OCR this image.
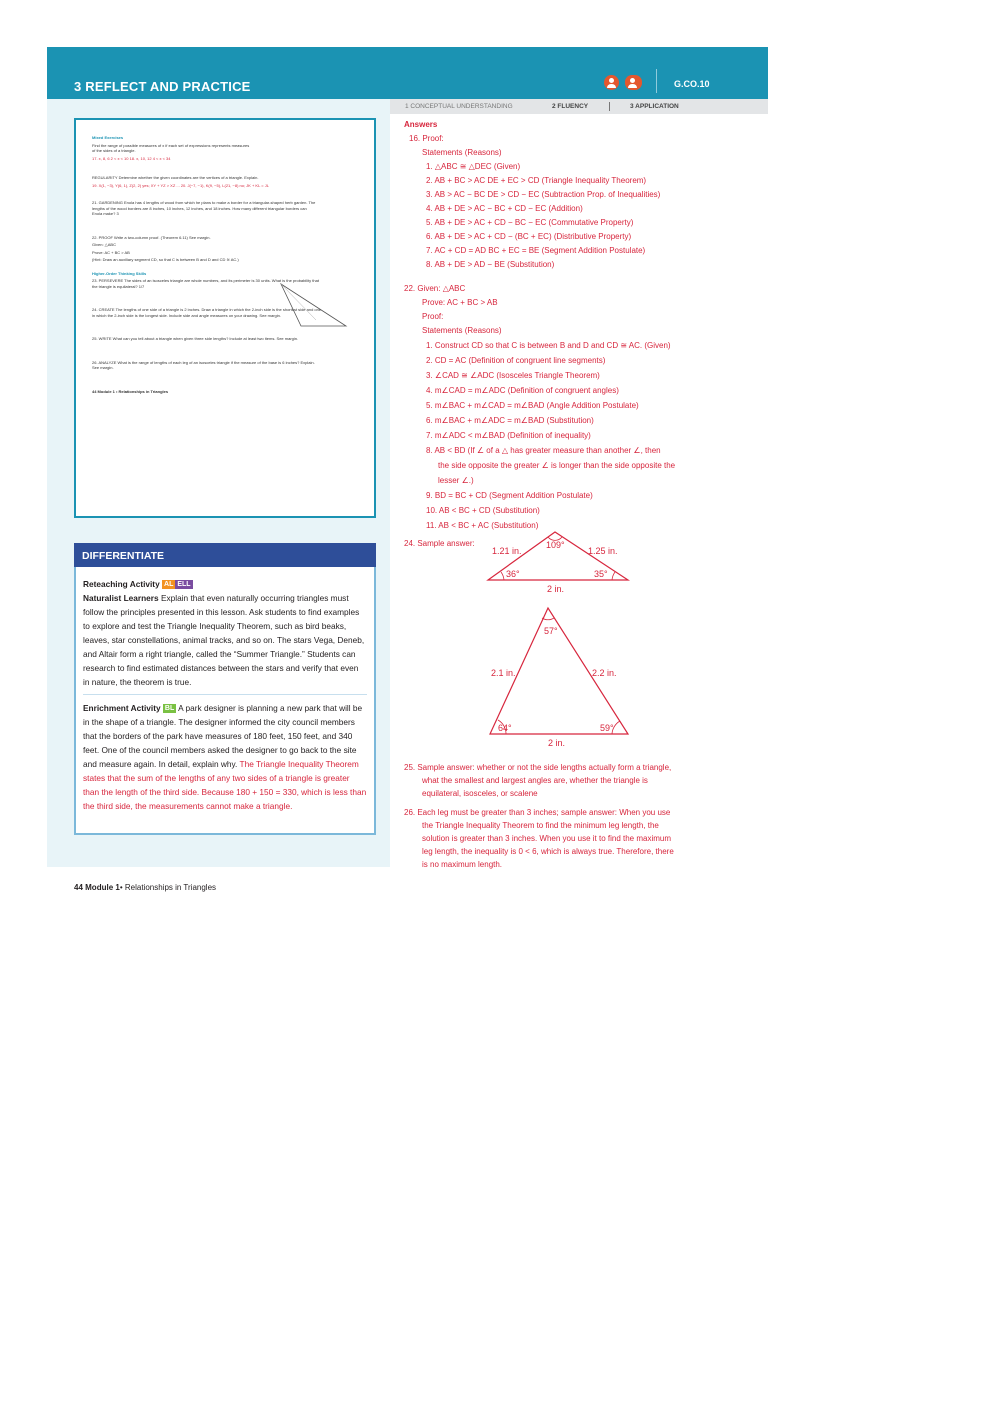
3 REFLECT AND PRACTICE	G.CO.10
1 CONCEPTUAL UNDERSTANDING	2 FLUENCY	3 APPLICATION
Mixed Exercises
Find the range of possible measures of x if each set of expressions represents measures of the sides of a triangle.
17. x, 8, 6 2 < x < 10 18. x, 10, 12 4 < x < 34
REGULARITY Determine whether the given coordinates are the vertices of a triangle. Explain.
19. X(1, −3), Y(6, 1), Z(2, 2) yes; XY + YZ > XZ ... 20. J(−7, −1), K(9, −5), L(21, −8) no; JK + KL = JL
21. GARDENING Enola has 4 lengths of wood from which he plans to make a border for a triangular-shaped herb garden. The lengths of the wood borders are 8 inches, 10 inches, 12 inches, and 18 inches. How many different triangular borders can Enola make? 3
22. PROOF Write a two-column proof. (Theorem 6.11) See margin.
Given: △ABC
Prove: AC + BC > AB
(Hint: Draw an auxiliary segment CD, so that C is between B and D and CD ≅ AC.)
Higher-Order Thinking Skills
23. PERSEVERE The sides of an isosceles triangle are whole numbers, and its perimeter is 30 units. What is the probability that the triangle is equilateral? 1/7
24. CREATE The lengths of one side of a triangle is 2 inches. Draw a triangle in which the 2-inch side is the shortest side and one in which the 2-inch side is the longest side. Include side and angle measures on your drawing. See margin.
25. WRITE What can you tell about a triangle when given three side lengths? Include at least two items. See margin.
26. ANALYZE What is the range of lengths of each leg of an isosceles triangle if the measure of the base is 6 inches? Explain. See margin.
44 Module 1 • Relationships in Triangles
DIFFERENTIATE
Reteaching Activity AL ELL
Naturalist Learners Explain that even naturally occurring triangles must follow the principles presented in this lesson. Ask students to find examples to explore and test the Triangle Inequality Theorem, such as bird beaks, leaves, star constellations, animal tracks, and so on. The stars Vega, Deneb, and Altair form a right triangle, called the “Summer Triangle.” Students can research to find estimated distances between the stars and verify that even in nature, the theorem is true.
Enrichment Activity BL A park designer is planning a new park that will be in the shape of a triangle. The designer informed the city council members that the borders of the park have measures of 180 feet, 150 feet, and 340 feet. One of the council members asked the designer to go back to the site and measure again. In detail, explain why. The Triangle Inequality Theorem states that the sum of the lengths of any two sides of a triangle is greater than the length of the third side. Because 180 + 150 = 330, which is less than the third side, the measurements cannot make a triangle.
44 Module 1• Relationships in Triangles
Answers
16. Proof:
Statements (Reasons)
1. △ABC ≅ △DEC (Given)
2. AB + BC > AC DE + EC > CD (Triangle Inequality Theorem)
3. AB > AC − BC DE > CD − EC (Subtraction Prop. of Inequalities)
4. AB + DE > AC − BC + CD − EC (Addition)
5. AB + DE > AC + CD − BC − EC (Commutative Property)
6. AB + DE > AC + CD − (BC + EC) (Distributive Property)
7. AC + CD = AD BC + EC = BE (Segment Addition Postulate)
8. AB + DE > AD − BE (Substitution)
22. Given: △ABC
Prove: AC + BC > AB
Proof:
Statements (Reasons)
1. Construct CD so that C is between B and D and CD ≅ AC. (Given)
2. CD = AC (Definition of congruent line segments)
3. ∠CAD ≅ ∠ADC (Isosceles Triangle Theorem)
4. m∠CAD = m∠ADC (Definition of congruent angles)
5. m∠BAC + m∠CAD = m∠BAD (Angle Addition Postulate)
6. m∠BAC + m∠ADC = m∠BAD (Substitution)
7. m∠ADC < m∠BAD (Definition of inequality)
8. AB < BD (If ∠ of a △ has greater measure than another ∠, then
the side opposite the greater ∠ is longer than the side opposite the
lesser ∠.)
9. BD = BC + CD (Segment Addition Postulate)
10. AB < BC + CD (Substitution)
11. AB < BC + AC (Substitution)
24. Sample answer:
1.21 in.	1.25 in.
109°
36°	35°
2 in.
57°
2.1 in.	2.2 in.
64°	59°
2 in.
25. Sample answer: whether or not the side lengths actually form a triangle,
what the smallest and largest angles are, whether the triangle is
equilateral, isosceles, or scalene
26. Each leg must be greater than 3 inches; sample answer: When you use
the Triangle Inequality Theorem to find the minimum leg length, the
solution is greater than 3 inches. When you use it to find the maximum
leg length, the inequality is 0 < 6, which is always true. Therefore, there
is no maximum length.
